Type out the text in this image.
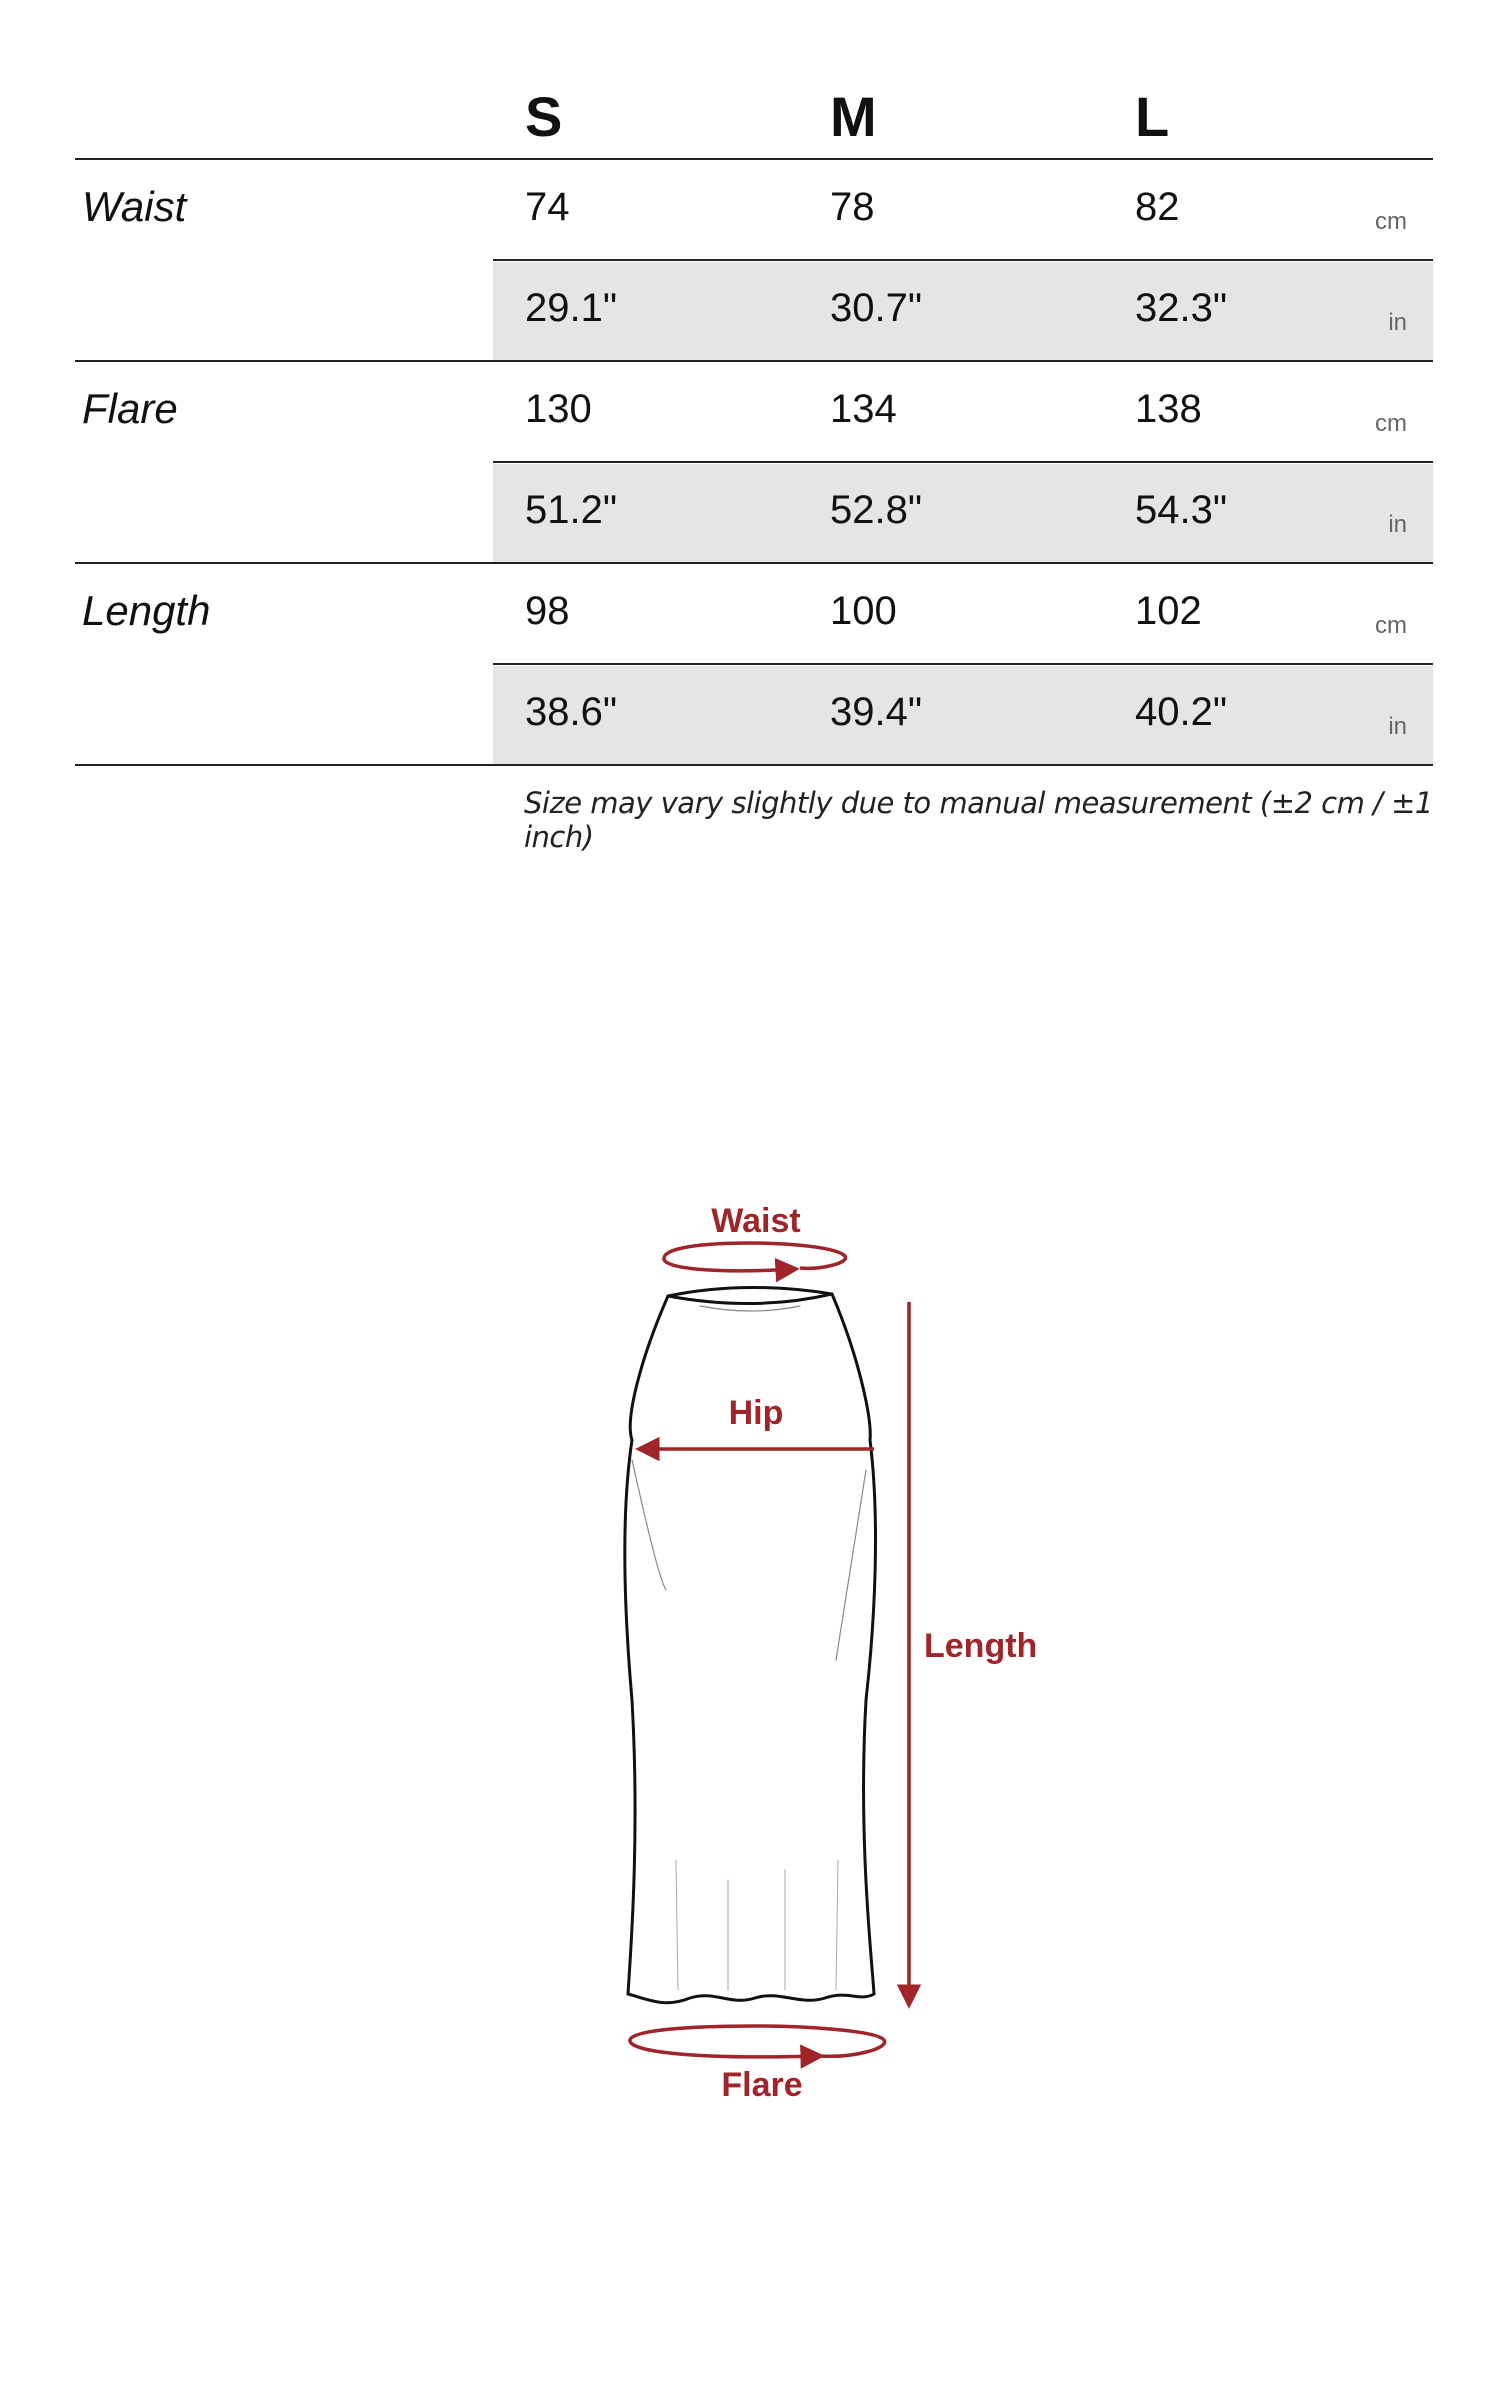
S	M	L
Waist	74	78	82	cm
29.1"	30.7"	32.3"	in
Flare	130	134	138	cm
51.2"	52.8"	54.3"	in
Length	98	100	102	cm
38.6"	39.4"	40.2"	in
Size may vary slightly due to manual measurement (±2 cm / ±1 inch)
Waist
Hip
Length
Flare
